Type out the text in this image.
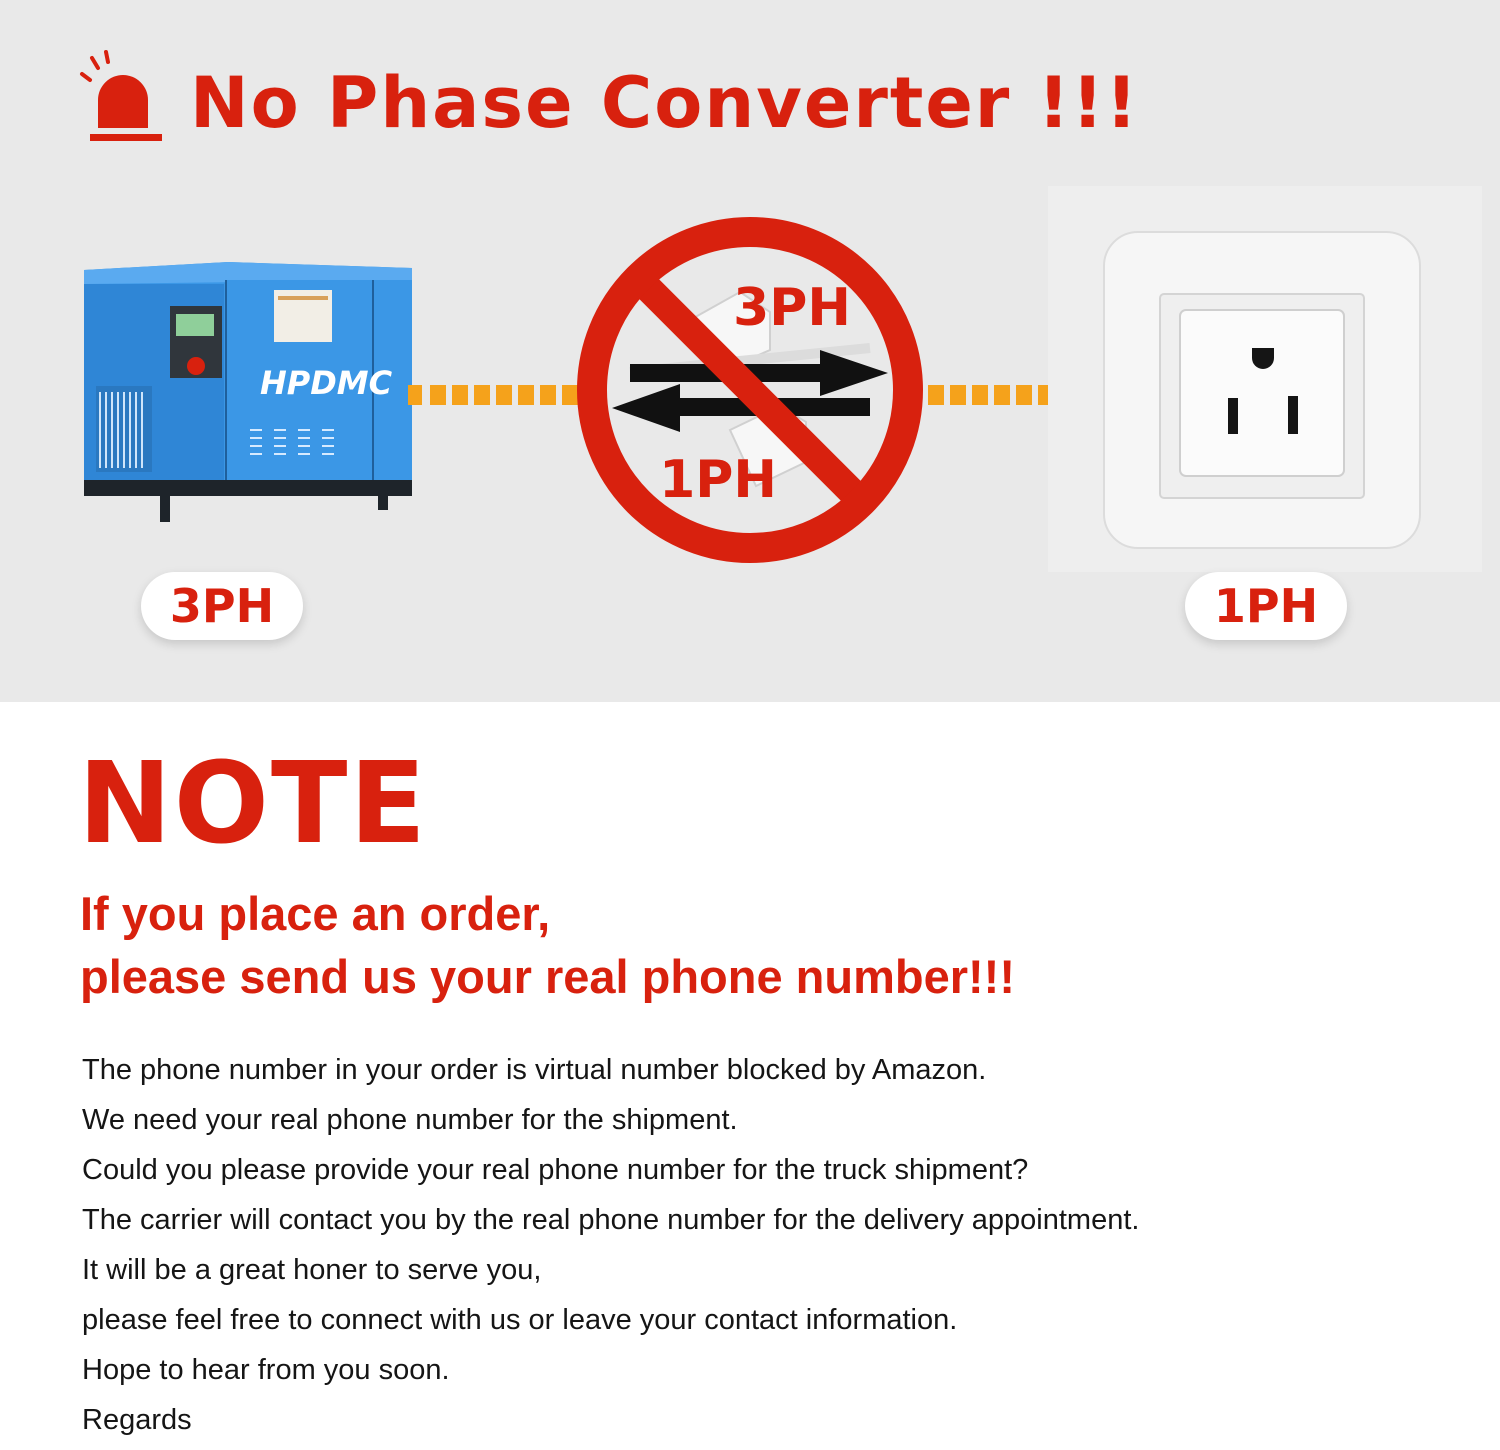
No Phase Converter !!!
HPDMC
3PH
1PH
3PH	1PH
NOTE

If you place an order,

please send us your real phone number!!!

The phone number in your order is virtual number blocked by Amazon.
We need your real phone number for the shipment.
Could you please provide your real phone number for the truck shipment?
The carrier will contact you by the real phone number for the delivery appointment.
It will be a great honer to serve you,
please feel free to connect with us or leave your contact information.
Hope to hear from you soon.
Regards
